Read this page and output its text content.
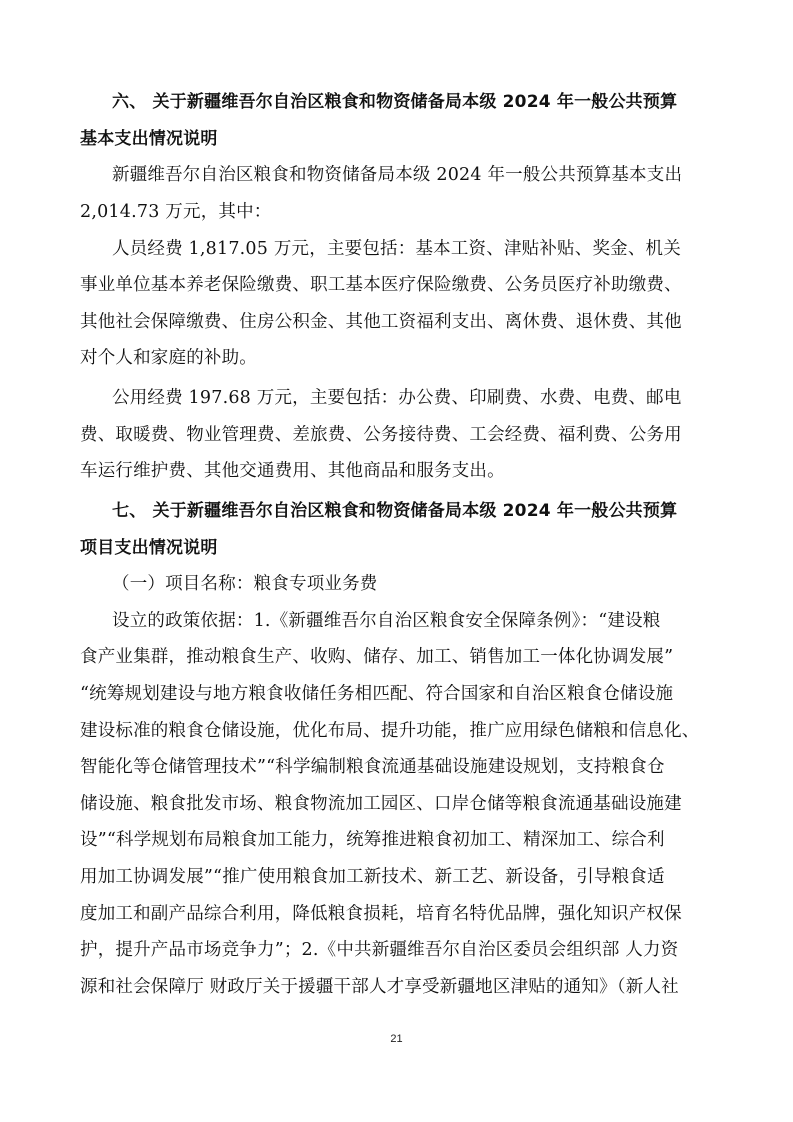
六、 关于新疆维吾尔自治区粮食和物资储备局本级 2024 年一般公共预算
基本支出情况说明
新疆维吾尔自治区粮食和物资储备局本级 2024 年一般公共预算基本支出
2,014.73 万元，其中：
人员经费 1,817.05 万元，主要包括：基本工资、津贴补贴、奖金、机关
事业单位基本养老保险缴费、职工基本医疗保险缴费、公务员医疗补助缴费、
其他社会保障缴费、住房公积金、其他工资福利支出、离休费、退休费、其他
对个人和家庭的补助。
公用经费 197.68 万元，主要包括：办公费、印刷费、水费、电费、邮电
费、取暖费、物业管理费、差旅费、公务接待费、工会经费、福利费、公务用
车运行维护费、其他交通费用、其他商品和服务支出。
七、 关于新疆维吾尔自治区粮食和物资储备局本级 2024 年一般公共预算
项目支出情况说明
（一）项目名称：粮食专项业务费
设立的政策依据：1.《新疆维吾尔自治区粮食安全保障条例》：“建设粮
食产业集群，推动粮食生产、收购、储存、加工、销售加工一体化协调发展”
“统筹规划建设与地方粮食收储任务相匹配、符合国家和自治区粮食仓储设施
建设标准的粮食仓储设施，优化布局、提升功能，推广应用绿色储粮和信息化、
智能化等仓储管理技术”“科学编制粮食流通基础设施建设规划，支持粮食仓
储设施、粮食批发市场、粮食物流加工园区、口岸仓储等粮食流通基础设施建
设”“科学规划布局粮食加工能力，统筹推进粮食初加工、精深加工、综合利
用加工协调发展”“推广使用粮食加工新技术、新工艺、新设备，引导粮食适
度加工和副产品综合利用，降低粮食损耗，培育名特优品牌，强化知识产权保
护，提升产品市场竞争力”；2.《中共新疆维吾尔自治区委员会组织部 人力资
源和社会保障厅 财政厅关于援疆干部人才享受新疆地区津贴的通知》（新人社
21
